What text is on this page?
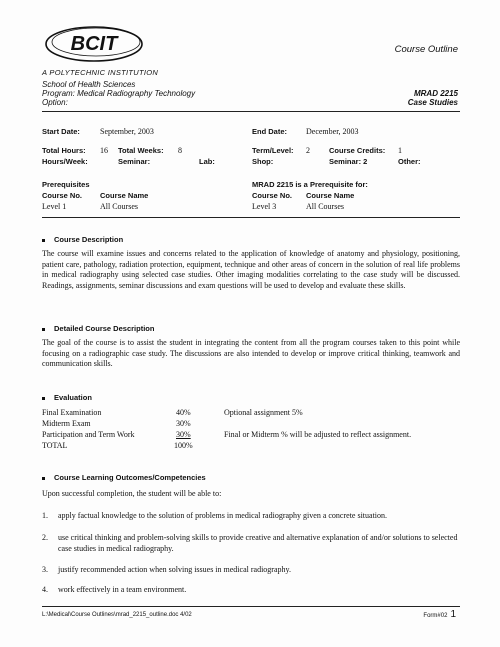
BCIT
A POLYTECHNIC INSTITUTION
Course Outline
School of Health Sciences
Program: Medical Radiography Technology
Option:
MRAD 2215
Case Studies
Start Date:	September, 2003	End Date: December, 2003
Total Hours: 16 Total Weeks: 8	Term/Level: 2	Course Credits: 1
Hours/Week:	Seminar:	Lab:	Shop:	Seminar: 2	Other:
Prerequisites
Course No. Course Name
Level 1	All Courses
MRAD 2215 is a Prerequisite for:
Course No. Course Name
Level 3	All Courses
Course Description
The course will examine issues and concerns related to the application of knowledge of anatomy and physiology, positioning, patient care, pathology, radiation protection, equipment, technique and other areas of concern in the solution of real life problems in medical radiography using selected case studies. Other imaging modalities correlating to the case study will be discussed. Readings, assignments, seminar discussions and exam questions will be used to develop and evaluate these skills.
Detailed Course Description
The goal of the course is to assist the student in integrating the content from all the program courses taken to this point while focusing on a radiographic case study. The discussions are also intended to develop or improve critical thinking, teamwork and communication skills.
Evaluation
Final Examination	40%	Optional assignment 5%
Midterm Exam	30%
Participation and Term Work	30%	Final or Midterm % will be adjusted to reflect assignment.
TOTAL	100%
Course Learning Outcomes/Competencies
Upon successful completion, the student will be able to:
1. apply factual knowledge to the solution of problems in medical radiography given a concrete situation.
2. use critical thinking and problem-solving skills to provide creative and alternative explanation of and/or solutions to selected case studies in medical radiography.
3. justify recommended action when solving issues in medical radiography.
4. work effectively in a team environment.
L:\Medical\Course Outlines\mrad_2215_outline.doc 4/02	Form#02 1
